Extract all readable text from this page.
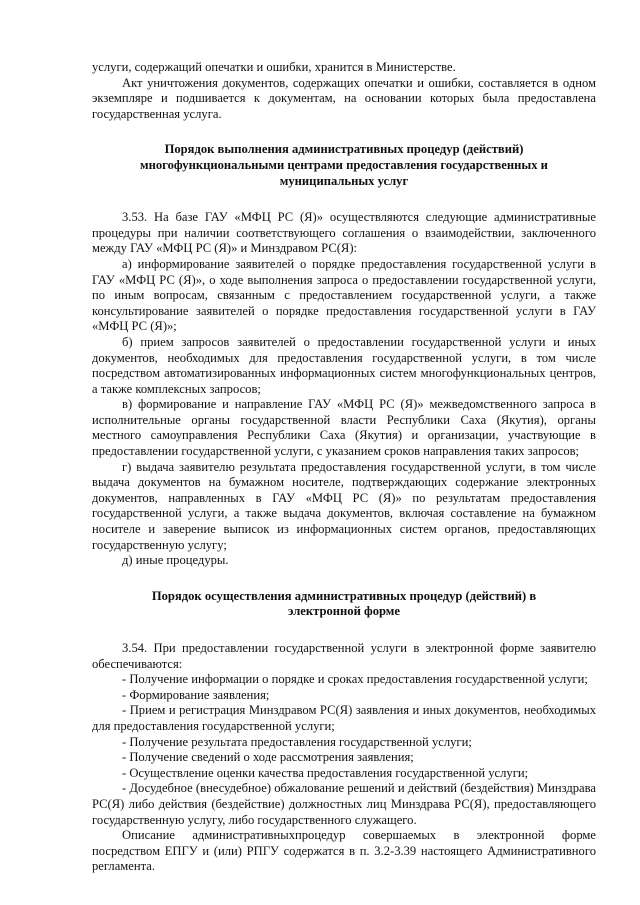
услуги, содержащий опечатки и ошибки, хранится в Министерстве.

Акт уничтожения документов, содержащих опечатки и ошибки, составляется в одном экземпляре и подшивается к документам, на основании которых была предоставлена государственная услуга.

Порядок выполнения административных процедур (действий)
многофункциональными центрами предоставления государственных и
муниципальных услуг

3.53. На базе ГАУ «МФЦ РС (Я)» осуществляются следующие административные процедуры при наличии соответствующего соглашения о взаимодействии, заключенного между ГАУ «МФЦ РС (Я)» и Минздравом РС(Я):

а) информирование заявителей о порядке предоставления государственной услуги в ГАУ «МФЦ РС (Я)», о ходе выполнения запроса о предоставлении государственной услуги, по иным вопросам, связанным с предоставлением государственной услуги, а также консультирование заявителей о порядке предоставления государственной услуги в ГАУ «МФЦ РС (Я)»;

б) прием запросов заявителей о предоставлении государственной услуги и иных документов, необходимых для предоставления государственной услуги, в том числе посредством автоматизированных информационных систем многофункциональных центров, а также комплексных запросов;

в) формирование и направление ГАУ «МФЦ РС (Я)» межведомственного запроса в исполнительные органы государственной власти Республики Саха (Якутия), органы местного самоуправления Республики Саха (Якутия) и организации, участвующие в предоставлении государственной услуги, с указанием сроков направления таких запросов;

г) выдача заявителю результата предоставления государственной услуги, в том числе выдача документов на бумажном носителе, подтверждающих содержание электронных документов, направленных в ГАУ «МФЦ РС (Я)» по результатам предоставления государственной услуги, а также выдача документов, включая составление на бумажном носителе и заверение выписок из информационных систем органов, предоставляющих государственную услугу;

д) иные процедуры.

Порядок осуществления административных процедур (действий) в
электронной форме

3.54. При предоставлении государственной услуги в электронной форме заявителю обеспечиваются:

- Получение информации о порядке и сроках предоставления государственной услуги;

- Формирование заявления;

- Прием и регистрация Минздравом РС(Я) заявления и иных документов, необходимых для предоставления государственной услуги;

- Получение результата предоставления государственной услуги;

- Получение сведений о ходе рассмотрения заявления;

- Осуществление оценки качества предоставления государственной услуги;

- Досудебное (внесудебное) обжалование решений и действий (бездействия) Минздрава РС(Я) либо действия (бездействие) должностных лиц Минздрава РС(Я), предоставляющего государственную услугу, либо государственного служащего.

Описание административныхпроцедур совершаемых в электронной форме посредством ЕПГУ и (или) РПГУ содержатся в п. 3.2-3.39 настоящего Административного регламента.
